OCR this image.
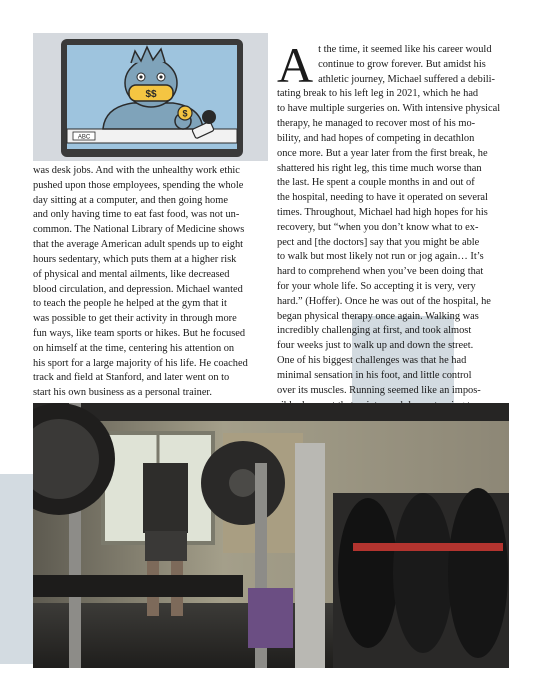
ABC
$$
$
A t the time, it seemed like his career would
continue to grow forever. But amidst his
athletic journey, Michael suffered a debili-
tating break to his left leg in 2021, which he had
to have multiple surgeries on. With intensive physical
therapy, he managed to recover most of his mo-
bility, and had hopes of competing in decathlon
once more. But a year later from the first break, he
shattered his right leg, this time much worse than
the last. He spent a couple months in and out of
the hospital, needing to have it operated on several
times. Throughout, Michael had high hopes for his
recovery, but “when you don’t know what to ex-
pect and [the doctors] say that you might be able
to walk but most likely not run or jog again… It’s
hard to comprehend when you’ve been doing that
for your whole life. So accepting it is very, very
hard.” (Hoffer). Once he was out of the hospital, he
began physical therapy once again. Walking was
incredibly challenging at first, and took almost
four weeks just to walk up and down the street.
One of his biggest challenges was that he had
minimal sensation in his foot, and little control
over its muscles. Running seemed like an impos-
was desk jobs. And with the unhealthy work ethic
pushed upon those employees, spending the whole
day sitting at a computer, and then going home
and only having time to eat fast food, was not un-
common. The National Library of Medicine shows
that the average American adult spends up to eight
hours sedentary, which puts them at a higher risk
of physical and mental ailments, like decreased
blood circulation, and depression. Michael wanted
to teach the people he helped at the gym that it
was possible to get their activity in through more
fun ways, like team sports or hikes. But he focused
on himself at the time, centering his attention on
his sport for a large majority of his life. He coached
track and field at Stanford, and later went on to
start his own business as a personal trainer.
